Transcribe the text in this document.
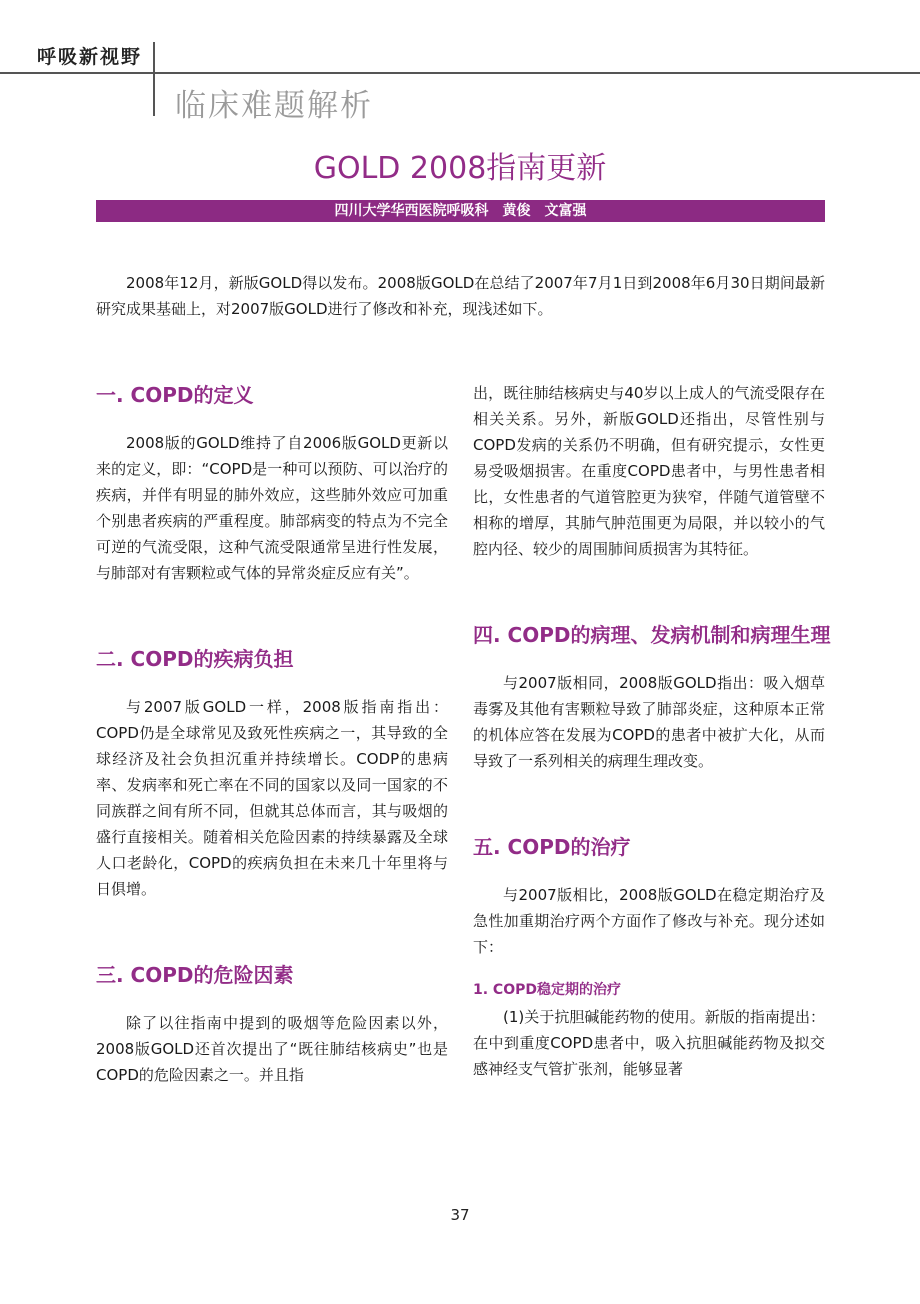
呼吸新视野
临床难题解析
GOLD 2008指南更新
四川大学华西医院呼吸科　黄俊　文富强

2008年12月，新版GOLD得以发布。2008版GOLD在总结了2007年7月1日到2008年6月30日期间最新研究成果基础上，对2007版GOLD进行了修改和补充，现浅述如下。

一. COPD的定义

2008版的GOLD维持了自2006版GOLD更新以来的定义，即：“COPD是一种可以预防、可以治疗的疾病，并伴有明显的肺外效应，这些肺外效应可加重个别患者疾病的严重程度。肺部病变的特点为不完全可逆的气流受限，这种气流受限通常呈进行性发展，与肺部对有害颗粒或气体的异常炎症反应有关”。

二. COPD的疾病负担

与2007版GOLD一样，2008版指南指出：COPD仍是全球常见及致死性疾病之一，其导致的全球经济及社会负担沉重并持续增长。CODP的患病率、发病率和死亡率在不同的国家以及同一国家的不同族群之间有所不同，但就其总体而言，其与吸烟的盛行直接相关。随着相关危险因素的持续暴露及全球人口老龄化，COPD的疾病负担在未来几十年里将与日俱增。

三. COPD的危险因素

除了以往指南中提到的吸烟等危险因素以外，2008版GOLD还首次提出了“既往肺结核病史”也是COPD的危险因素之一。并且指

出，既往肺结核病史与40岁以上成人的气流受限存在相关关系。另外，新版GOLD还指出，尽管性别与COPD发病的关系仍不明确，但有研究提示，女性更易受吸烟损害。在重度COPD患者中，与男性患者相比，女性患者的气道管腔更为狭窄，伴随气道管壁不相称的增厚，其肺气肿范围更为局限，并以较小的气腔内径、较少的周围肺间质损害为其特征。

四. COPD的病理、发病机制和病理生理

与2007版相同，2008版GOLD指出：吸入烟草毒雾及其他有害颗粒导致了肺部炎症，这种原本正常的机体应答在发展为COPD的患者中被扩大化，从而导致了一系列相关的病理生理改变。

五. COPD的治疗

与2007版相比，2008版GOLD在稳定期治疗及急性加重期治疗两个方面作了修改与补充。现分述如下：

1. COPD稳定期的治疗

(1)关于抗胆碱能药物的使用。新版的指南提出：在中到重度COPD患者中，吸入抗胆碱能药物及拟交感神经支气管扩张剂，能够显著

37
